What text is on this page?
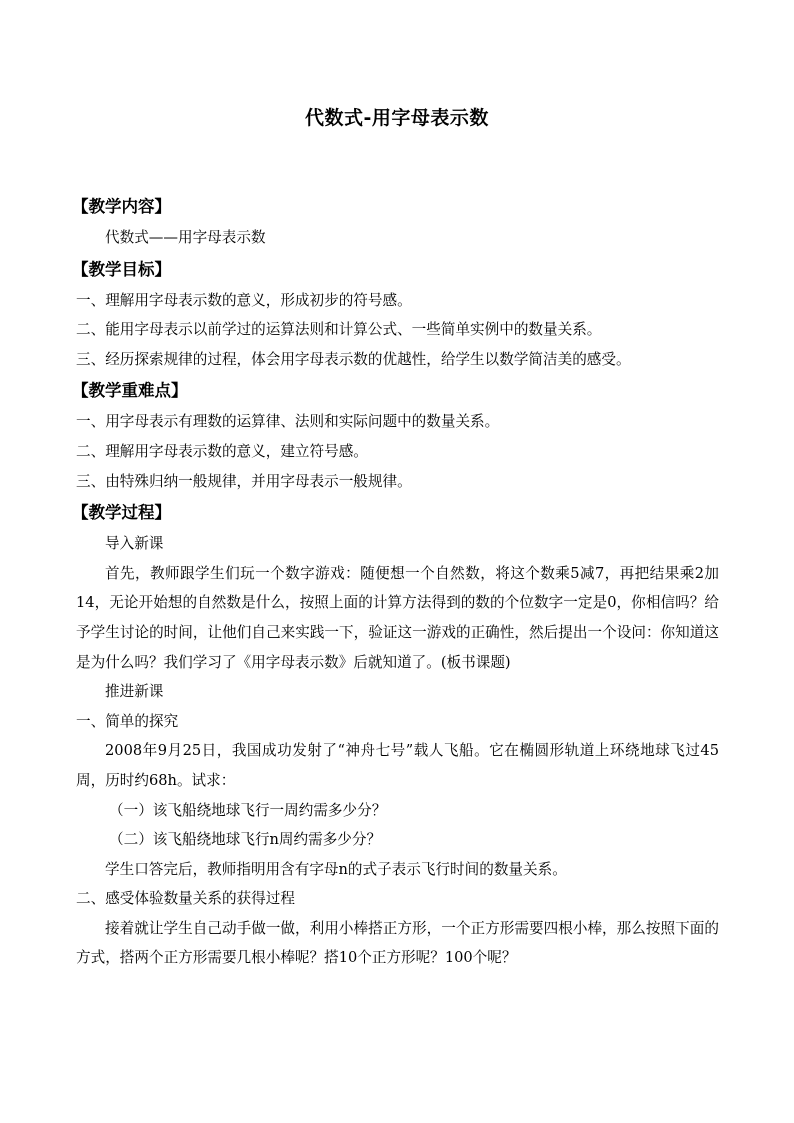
代数式-用字母表示数
【教学内容】
代数式——用字母表示数
【教学目标】
一、理解用字母表示数的意义，形成初步的符号感。
二、能用字母表示以前学过的运算法则和计算公式、一些简单实例中的数量关系。
三、经历探索规律的过程，体会用字母表示数的优越性，给学生以数学简洁美的感受。
【教学重难点】
一、用字母表示有理数的运算律、法则和实际问题中的数量关系。
二、理解用字母表示数的意义，建立符号感。
三、由特殊归纳一般规律，并用字母表示一般规律。
【教学过程】
导入新课
首先，教师跟学生们玩一个数字游戏：随便想一个自然数，将这个数乘5减7，再把结果乘2加14，无论开始想的自然数是什么，按照上面的计算方法得到的数的个位数字一定是0，你相信吗？给予学生讨论的时间，让他们自己来实践一下，验证这一游戏的正确性，然后提出一个设问：你知道这是为什么吗？我们学习了《用字母表示数》后就知道了。(板书课题)
推进新课
一、简单的探究
2008年9月25日，我国成功发射了“神舟七号”载人飞船。它在椭圆形轨道上环绕地球飞过45周，历时约68h。试求：
（一）该飞船绕地球飞行一周约需多少分？
（二）该飞船绕地球飞行n周约需多少分？
学生口答完后，教师指明用含有字母n的式子表示飞行时间的数量关系。
二、感受体验数量关系的获得过程
接着就让学生自己动手做一做，利用小棒搭正方形，一个正方形需要四根小棒，那么按照下面的方式，搭两个正方形需要几根小棒呢？搭10个正方形呢？100个呢？
